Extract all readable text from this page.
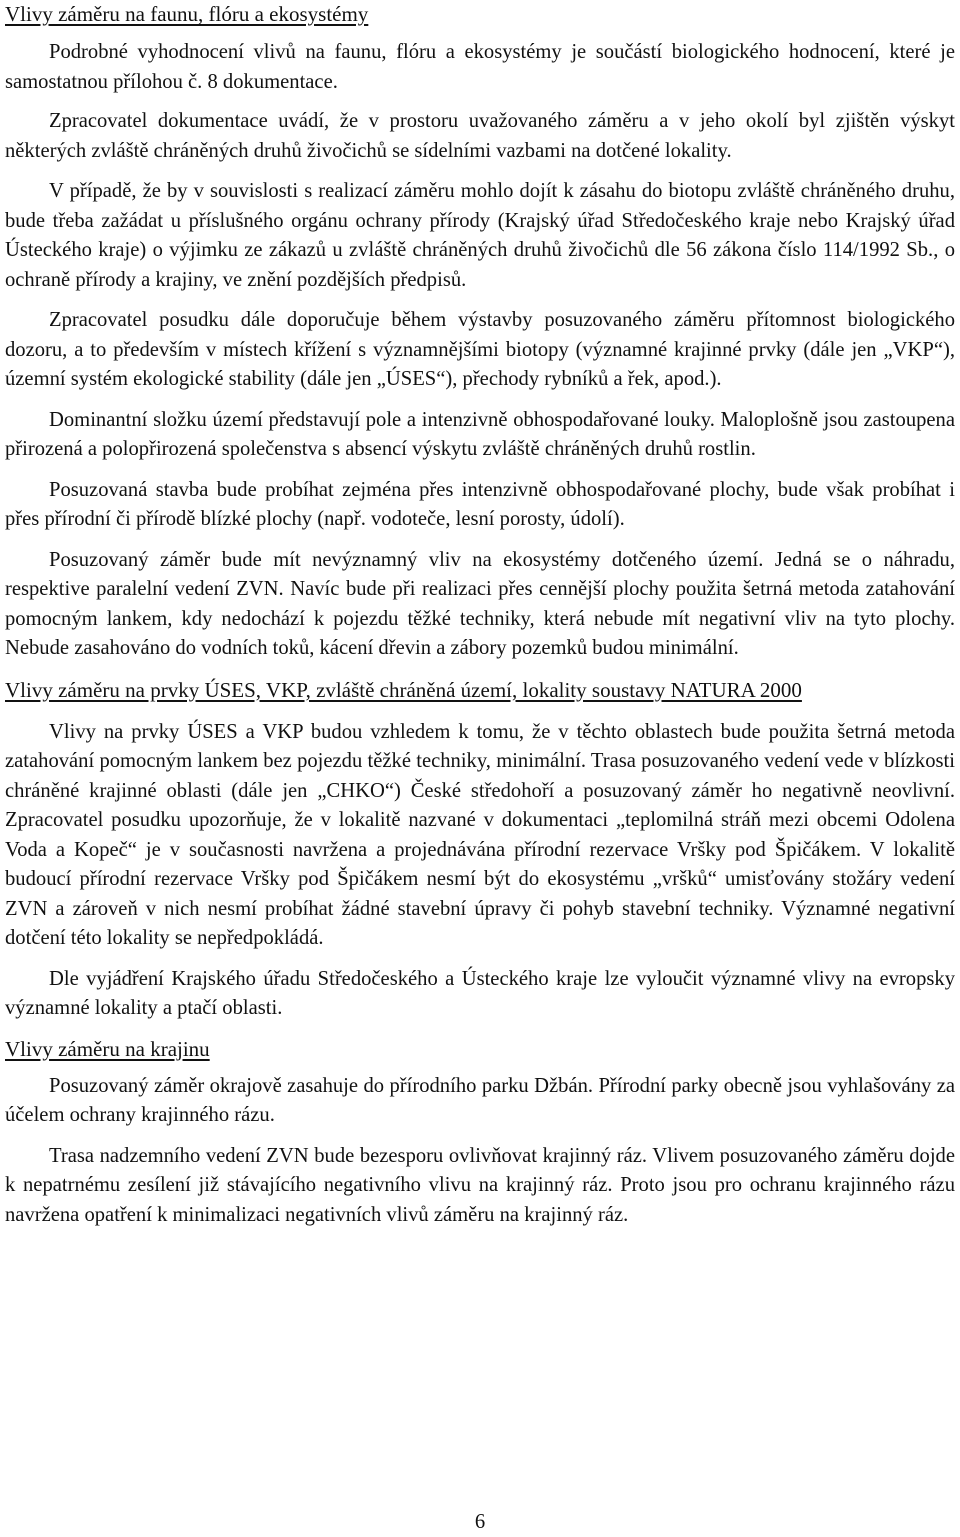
Vlivy záměru na faunu, flóru a ekosystémy

Podrobné vyhodnocení vlivů na faunu, flóru a ekosystémy je součástí biologického hodnocení, které je samostatnou přílohou č. 8 dokumentace.

Zpracovatel dokumentace uvádí, že v prostoru uvažovaného záměru a v jeho okolí byl zjištěn výskyt některých zvláště chráněných druhů živočichů se sídelními vazbami na dotčené lokality.

V případě, že by v souvislosti s realizací záměru mohlo dojít k zásahu do biotopu zvláště chráněného druhu, bude třeba zažádat u příslušného orgánu ochrany přírody (Krajský úřad Středočeského kraje nebo Krajský úřad Ústeckého kraje) o výjimku ze zákazů u zvláště chráněných druhů živočichů dle 56 zákona číslo 114/1992 Sb., o ochraně přírody a krajiny, ve znění pozdějších předpisů.

Zpracovatel posudku dále doporučuje během výstavby posuzovaného záměru přítomnost biologického dozoru, a to především v místech křížení s významnějšími biotopy (významné krajinné prvky (dále jen „VKP“), územní systém ekologické stability (dále jen „ÚSES“), přechody rybníků a řek, apod.).

Dominantní složku území představují pole a intenzivně obhospodařované louky. Maloplošně jsou zastoupena přirozená a polopřirozená společenstva s absencí výskytu zvláště chráněných druhů rostlin.

Posuzovaná stavba bude probíhat zejména přes intenzivně obhospodařované plochy, bude však probíhat i přes přírodní či přírodě blízké plochy (např. vodoteče, lesní porosty, údolí).

Posuzovaný záměr bude mít nevýznamný vliv na ekosystémy dotčeného území. Jedná se o náhradu, respektive paralelní vedení ZVN. Navíc bude při realizaci přes cennější plochy použita šetrná metoda zatahování pomocným lankem, kdy nedochází k pojezdu těžké techniky, která nebude mít negativní vliv na tyto plochy. Nebude zasahováno do vodních toků, kácení dřevin a zábory pozemků budou minimální.

Vlivy záměru na prvky ÚSES, VKP, zvláště chráněná území, lokality soustavy NATURA 2000

Vlivy na prvky ÚSES a VKP budou vzhledem k tomu, že v těchto oblastech bude použita šetrná metoda zatahování pomocným lankem bez pojezdu těžké techniky, minimální. Trasa posuzovaného vedení vede v blízkosti chráněné krajinné oblasti (dále jen „CHKO“) České středohoří a posuzovaný záměr ho negativně neovlivní. Zpracovatel posudku upozorňuje, že v lokalitě nazvané v dokumentaci „teplomilná stráň mezi obcemi Odolena Voda a Kopeč“ je v současnosti navržena a projednávána přírodní rezervace Vršky pod Špičákem. V lokalitě budoucí přírodní rezervace Vršky pod Špičákem nesmí být do ekosystému „vršků“ umisťovány stožáry vedení ZVN a zároveň v nich nesmí probíhat žádné stavební úpravy či pohyb stavební techniky. Významné negativní dotčení této lokality se nepředpokládá.

Dle vyjádření Krajského úřadu Středočeského a Ústeckého kraje lze vyloučit významné vlivy na evropsky významné lokality a ptačí oblasti.

Vlivy záměru na krajinu

Posuzovaný záměr okrajově zasahuje do přírodního parku Džbán. Přírodní parky obecně jsou vyhlašovány za účelem ochrany krajinného rázu.

Trasa nadzemního vedení ZVN bude bezesporu ovlivňovat krajinný ráz. Vlivem posuzovaného záměru dojde k nepatrnému zesílení již stávajícího negativního vlivu na krajinný ráz. Proto jsou pro ochranu krajinného rázu navržena opatření k minimalizaci negativních vlivů záměru na krajinný ráz.

6
